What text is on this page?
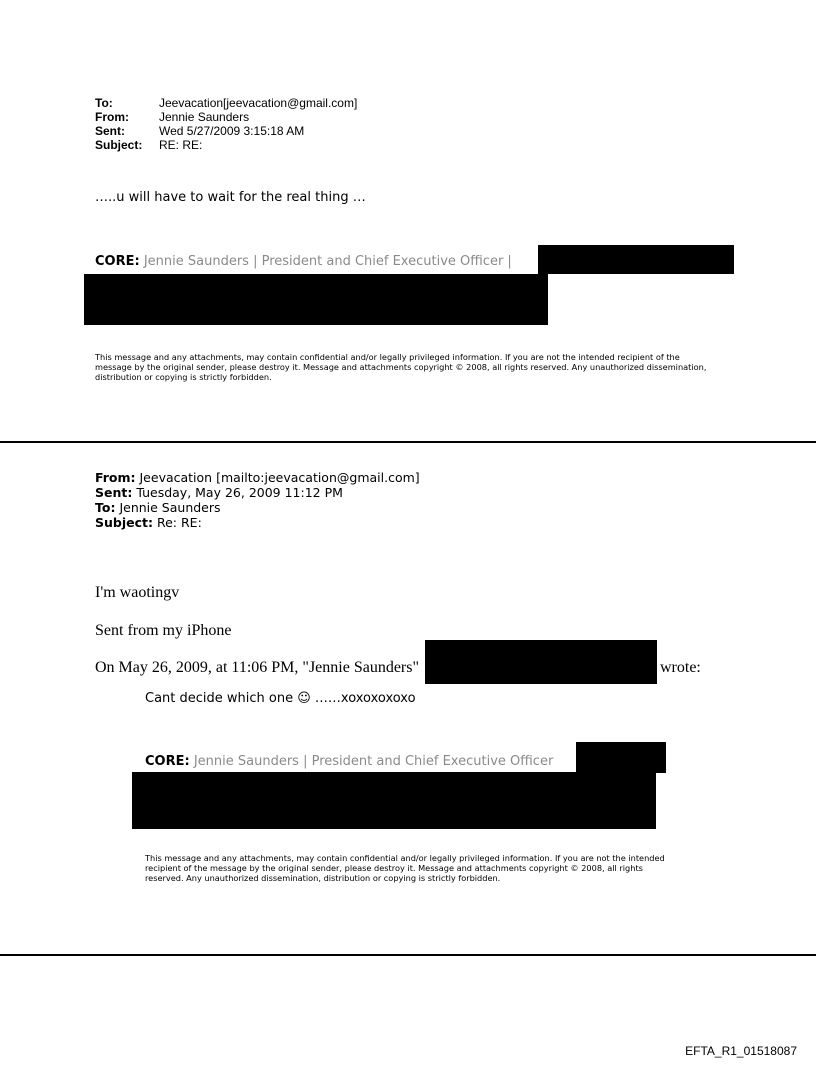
To:	Jeevacation[jeevacation@gmail.com]
From:	Jennie Saunders
Sent:	Wed 5/27/2009 3:15:18 AM
Subject: RE: RE:
…..u will have to wait for the real thing …
CORE: Jennie Saunders | President and Chief Executive Officer |
This message and any attachments, may contain confidential and/or legally privileged information. If you are not the intended recipient of the message by the original sender, please destroy it. Message and attachments copyright © 2008, all rights reserved. Any unauthorized dissemination, distribution or copying is strictly forbidden.
From: Jeevacation [mailto:jeevacation@gmail.com]
Sent: Tuesday, May 26, 2009 11:12 PM
To: Jennie Saunders
Subject: Re: RE:
I'm waotingv
Sent from my iPhone
On May 26, 2009, at 11:06 PM, "Jennie Saunders"	wrote:
Cant decide which one ☺ ……xoxoxoxoxo
CORE: Jennie Saunders | President and Chief Executive Officer
This message and any attachments, may contain confidential and/or legally privileged information. If you are not the intended recipient of the message by the original sender, please destroy it. Message and attachments copyright © 2008, all rights reserved. Any unauthorized dissemination, distribution or copying is strictly forbidden.
EFTA_R1_01518087
